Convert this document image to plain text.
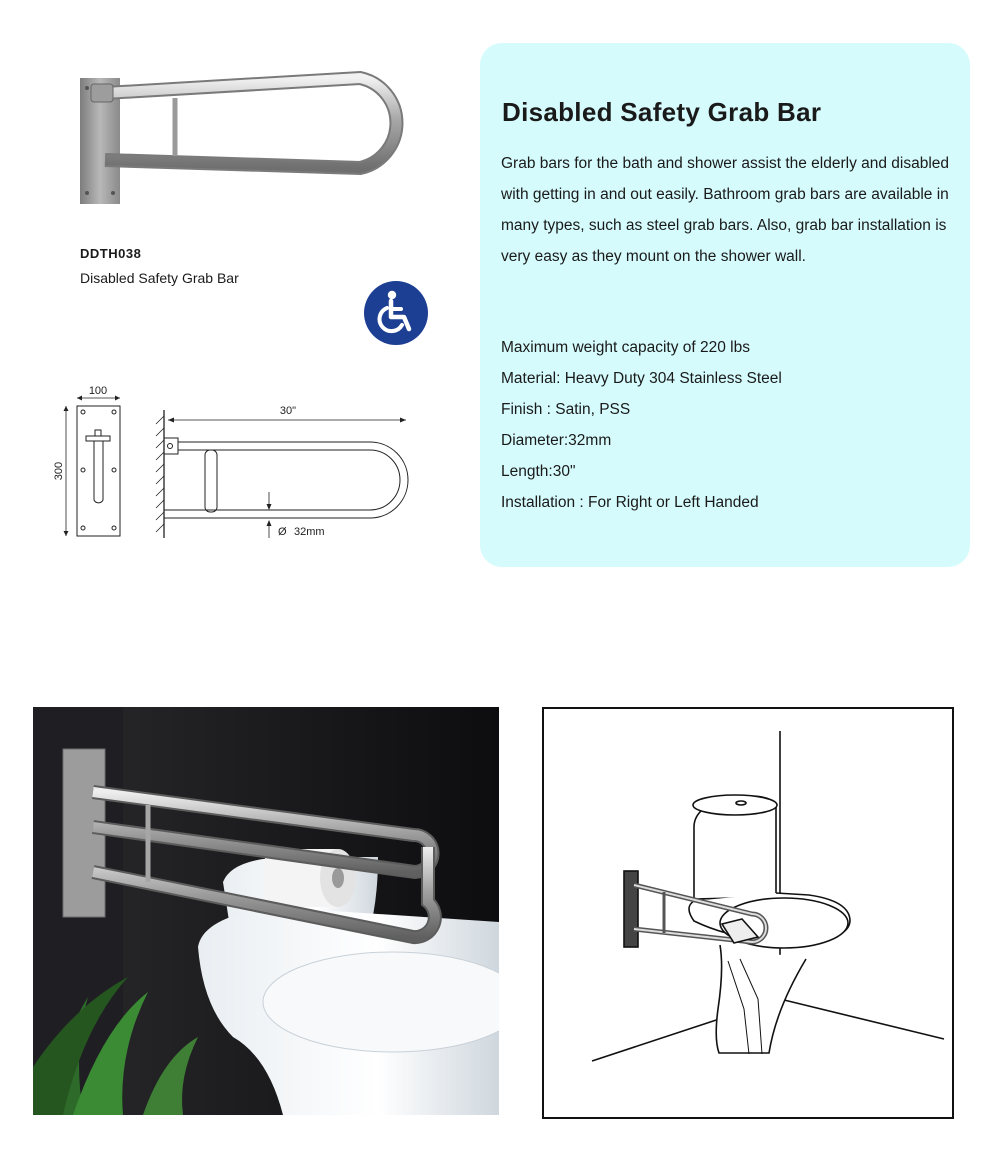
DDTH038
Disabled Safety Grab Bar
100
300
30"
Ø 32mm
Disabled Safety Grab Bar

Grab bars for the bath and shower assist the elderly and disabled with getting in and out easily. Bathroom grab bars are available in many types, such as steel grab bars. Also, grab bar installation is very easy as they mount on the shower wall.

Maximum weight capacity of 220 lbs
Material: Heavy Duty 304 Stainless Steel
Finish : Satin, PSS
Diameter:32mm
Length:30"
Installation : For Right or Left Handed
